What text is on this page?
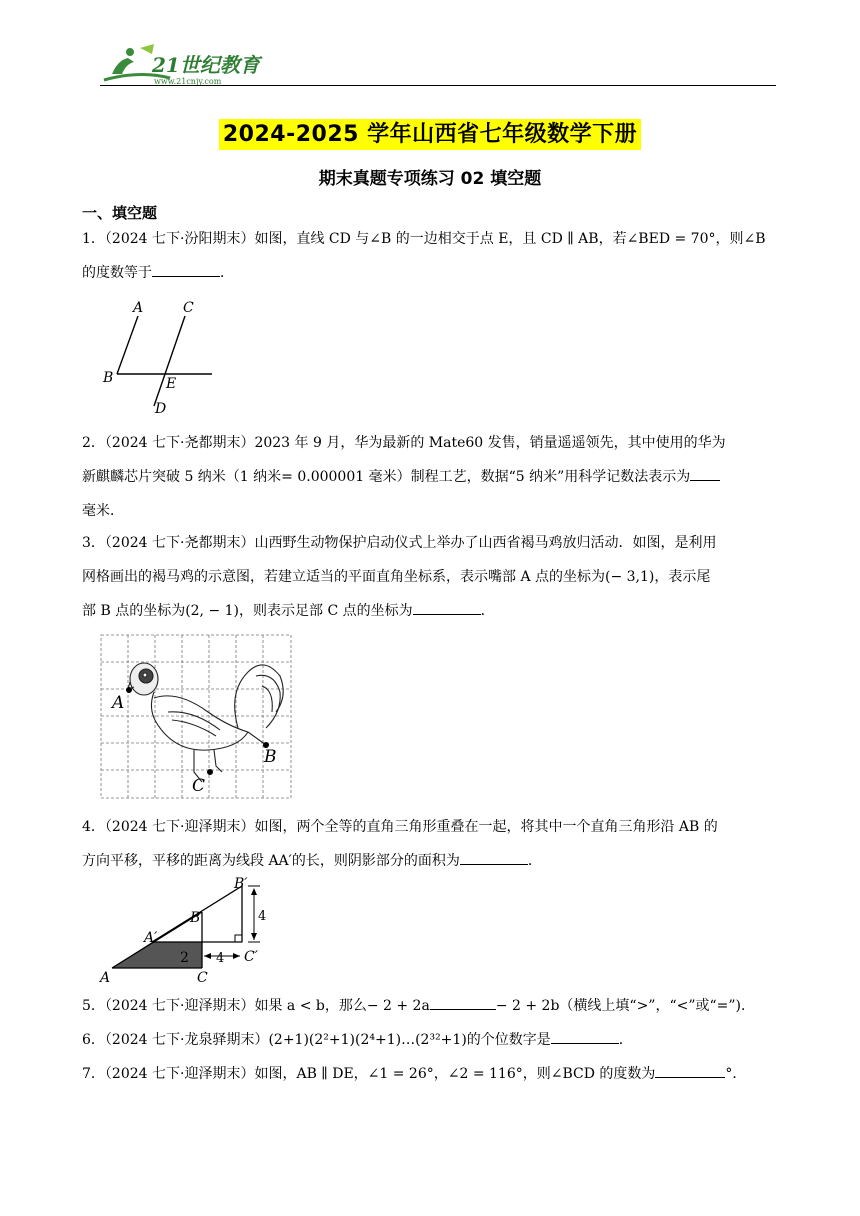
21世纪教育
www.21cnjy.com
2024-2025 学年山西省七年级数学下册
期末真题专项练习 02 填空题
一、填空题
1．（2024 七下·汾阳期末）如图，直线 CD 与∠B 的一边相交于点 E，且 CD ∥ AB，若∠BED = 70°，则∠B
的度数等于	．
A	C
B	E
D
2．（2024 七下·尧都期末）2023 年 9 月，华为最新的 Mate60 发售，销量遥遥领先，其中使用的华为
新麒麟芯片突破 5 纳米（1 纳米= 0.000001 毫米）制程工艺，数据“5 纳米”用科学记数法表示为
毫米．
3．（2024 七下·尧都期末）山西野生动物保护启动仪式上举办了山西省褐马鸡放归活动．如图，是利用
网格画出的褐马鸡的示意图，若建立适当的平面直角坐标系，表示嘴部 A 点的坐标为(− 3,1)，表示尾
部 B 点的坐标为(2, − 1)，则表示足部 C 点的坐标为	．
A
B
C
4．（2024 七下·迎泽期末）如图，两个全等的直角三角形重叠在一起，将其中一个直角三角形沿 AB 的
方向平移，平移的距离为线段 AA′的长，则阴影部分的面积为	．
B′
B
A′
A	C
C′
2 4
4
5．（2024 七下·迎泽期末）如果 a < b，那么− 2 + 2a	− 2 + 2b（横线上填“>”，“<”或“=”)．
6．（2024 七下·龙泉驿期末）(2+1)(2²+1)(2⁴+1)…(2³²+1)的个位数字是	．
7．（2024 七下·迎泽期末）如图，AB ∥ DE，∠1 = 26°，∠2 = 116°，则∠BCD 的度数为	°．
